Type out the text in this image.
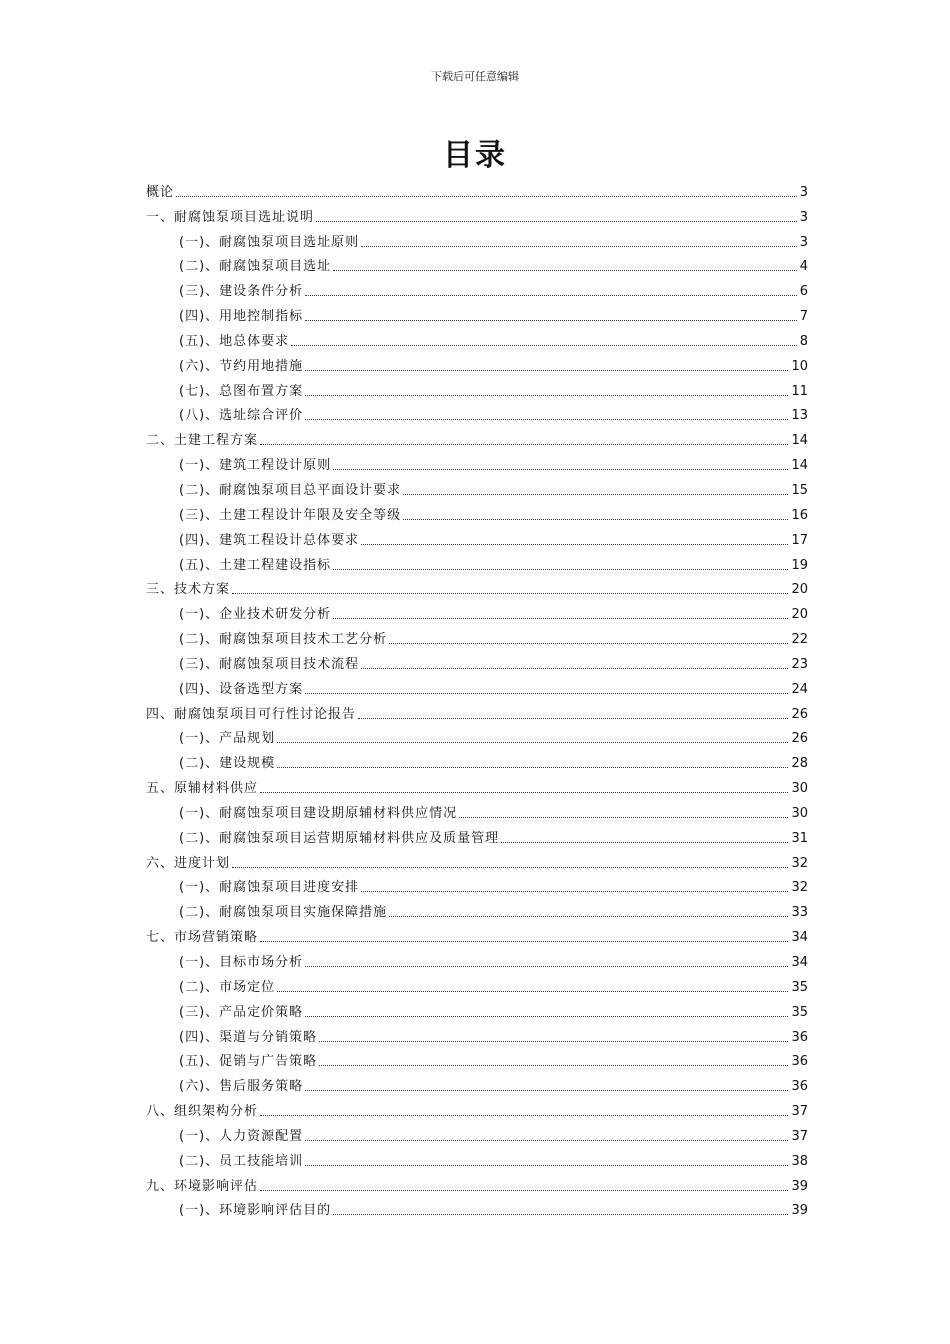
下载后可任意编辑
目录
概论	3
一、耐腐蚀泵项目选址说明	3
(一)、耐腐蚀泵项目选址原则	3
(二)、耐腐蚀泵项目选址	4
(三)、建设条件分析	6
(四)、用地控制指标	7
(五)、地总体要求	8
(六)、节约用地措施	10
(七)、总图布置方案	11
(八)、选址综合评价	13
二、土建工程方案	14
(一)、建筑工程设计原则	14
(二)、耐腐蚀泵项目总平面设计要求	15
(三)、土建工程设计年限及安全等级	16
(四)、建筑工程设计总体要求	17
(五)、土建工程建设指标	19
三、技术方案	20
(一)、企业技术研发分析	20
(二)、耐腐蚀泵项目技术工艺分析	22
(三)、耐腐蚀泵项目技术流程	23
(四)、设备选型方案	24
四、耐腐蚀泵项目可行性讨论报告	26
(一)、产品规划	26
(二)、建设规模	28
五、原辅材料供应	30
(一)、耐腐蚀泵项目建设期原辅材料供应情况	30
(二)、耐腐蚀泵项目运营期原辅材料供应及质量管理	31
六、进度计划	32
(一)、耐腐蚀泵项目进度安排	32
(二)、耐腐蚀泵项目实施保障措施	33
七、市场营销策略	34
(一)、目标市场分析	34
(二)、市场定位	35
(三)、产品定价策略	35
(四)、渠道与分销策略	36
(五)、促销与广告策略	36
(六)、售后服务策略	36
八、组织架构分析	37
(一)、人力资源配置	37
(二)、员工技能培训	38
九、环境影响评估	39
(一)、环境影响评估目的	39
